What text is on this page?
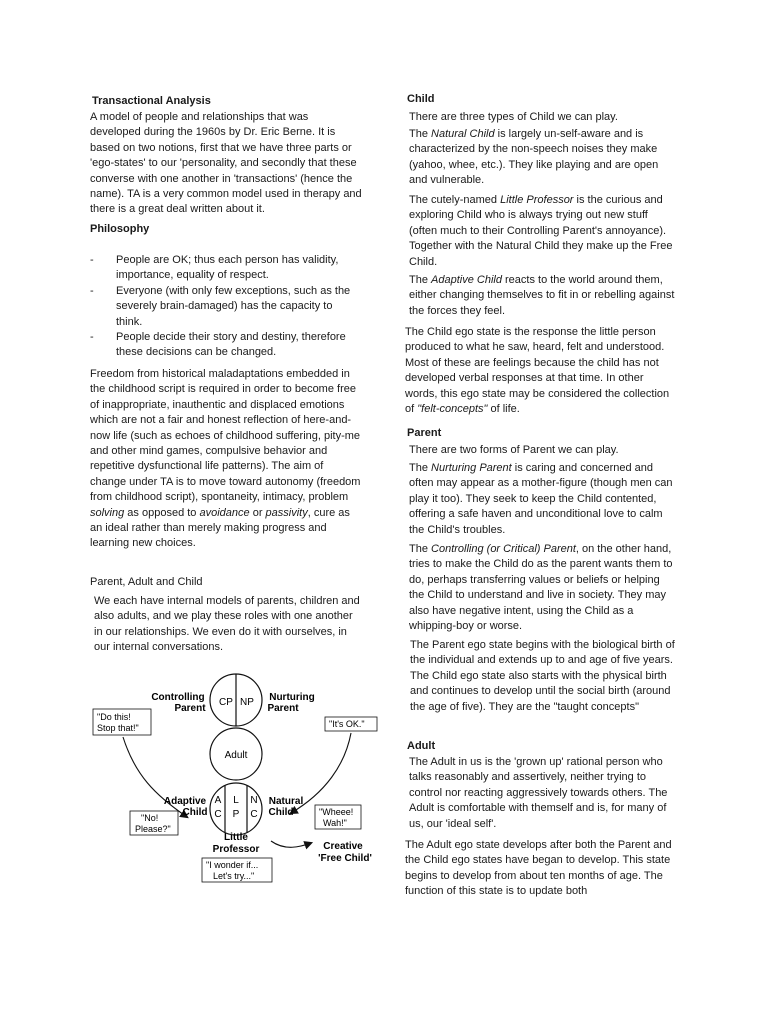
Transactional Analysis
A model of people and relationships that was developed during the 1960s by Dr. Eric Berne. It is based on two notions, first that we have three parts or 'ego-states' to our 'personality, and secondly that these converse with one another in 'transactions' (hence the name). TA is a very common model used in therapy and there is a great deal written about it.
Philosophy
- People are OK; thus each person has validity, importance, equality of respect.
- Everyone (with only few exceptions, such as the severely brain-damaged) has the capacity to think.
- People decide their story and destiny, therefore these decisions can be changed.
Freedom from historical maladaptations embedded in the childhood script is required in order to become free of inappropriate, inauthentic and displaced emotions which are not a fair and honest reflection of here-and-now life (such as echoes of childhood suffering, pity-me and other mind games, compulsive behavior and repetitive dysfunctional life patterns). The aim of change under TA is to move toward autonomy (freedom from childhood script), spontaneity, intimacy, problem solving as opposed to avoidance or passivity, cure as an ideal rather than merely making progress and learning new choices.
Parent, Adult and Child
We each have internal models of parents, children and also adults, and we play these roles with one another in our relationships. We even do it with ourselves, in our internal conversations.
CP NP
Adult
A L N
C P C
Controlling Parent
Nurturing Parent
"Do this! Stop that!"	"It's OK."
Adaptive Child
Natural Child
"No! Please?"
"Wheee! Wah!"
Little Professor
"I wonder if... Let's try..."
Creative 'Free Child'
Child
There are three types of Child we can play.
The Natural Child is largely un-self-aware and is characterized by the non-speech noises they make (yahoo, whee, etc.). They like playing and are open and vulnerable.
The cutely-named Little Professor is the curious and exploring Child who is always trying out new stuff (often much to their Controlling Parent's annoyance). Together with the Natural Child they make up the Free Child.
The Adaptive Child reacts to the world around them, either changing themselves to fit in or rebelling against the forces they feel.
The Child ego state is the response the little person produced to what he saw, heard, felt and understood. Most of these are feelings because the child has not developed verbal responses at that time. In other words, this ego state may be considered the collection of "felt-concepts" of life.
Parent
There are two forms of Parent we can play.
The Nurturing Parent is caring and concerned and often may appear as a mother-figure (though men can play it too). They seek to keep the Child contented, offering a safe haven and unconditional love to calm the Child's troubles.
The Controlling (or Critical) Parent, on the other hand, tries to make the Child do as the parent wants them to do, perhaps transferring values or beliefs or helping the Child to understand and live in society. They may also have negative intent, using the Child as a whipping-boy or worse.
The Parent ego state begins with the biological birth of the individual and extends up to and age of five years. The Child ego state also starts with the physical birth and continues to develop until the social birth (around the age of five). They are the "taught concepts"
Adult
The Adult in us is the 'grown up' rational person who talks reasonably and assertively, neither trying to control nor reacting aggressively towards others. The Adult is comfortable with themself and is, for many of us, our 'ideal self'.
The Adult ego state develops after both the Parent and the Child ego states have began to develop. This state begins to develop from about ten months of age. The function of this state is to update both
